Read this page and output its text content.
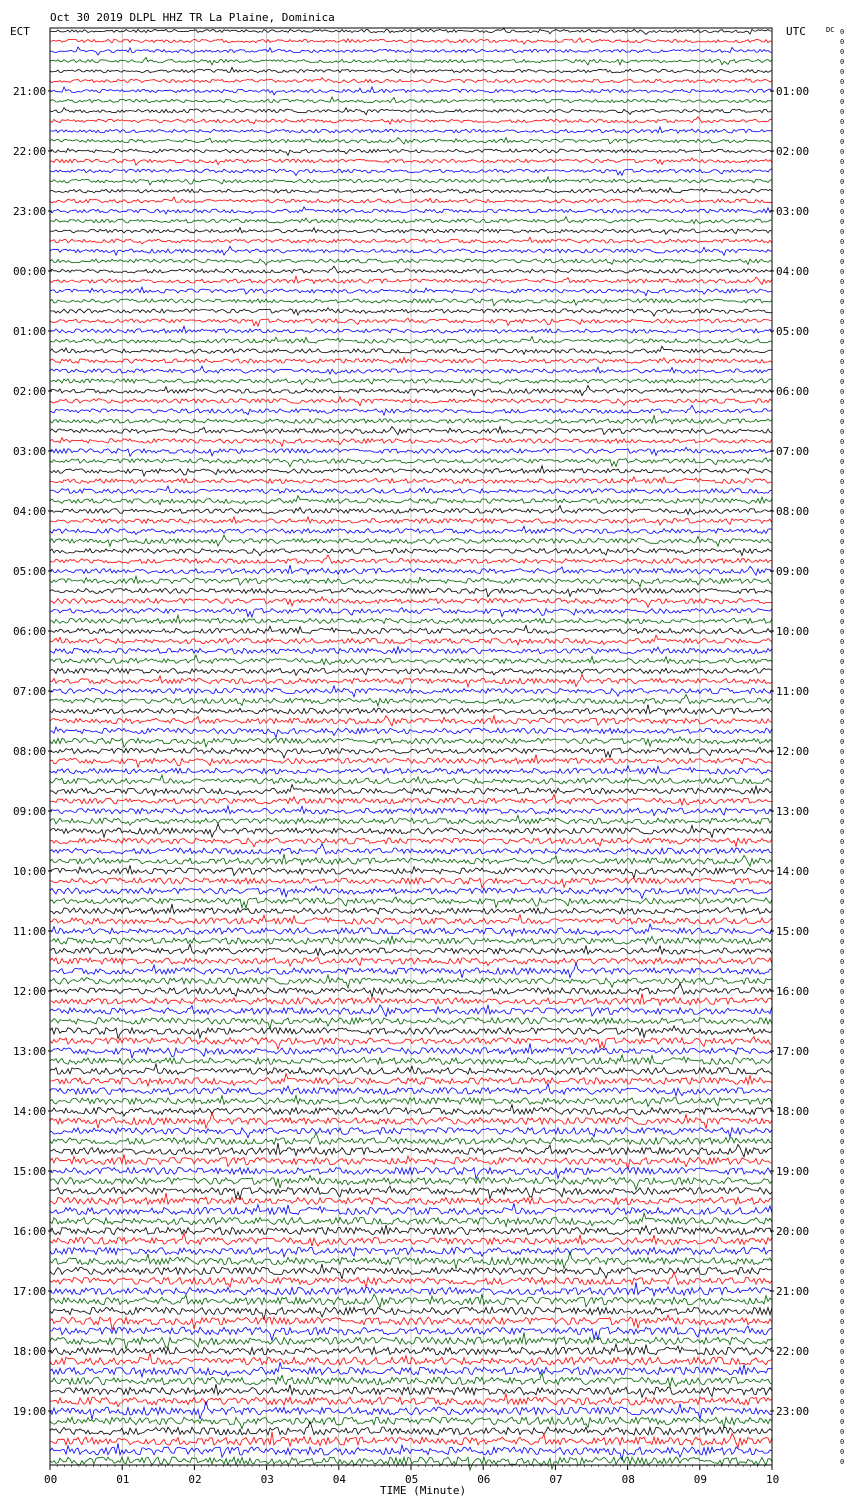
Oct 30 2019 DLPL HHZ TR La Plaine, Dominica
ECT	UTC	DC
21:00
22:00
23:00
00:00
01:00
02:00
03:00
04:00
05:00
06:00
07:00
08:00
09:00
10:00
11:00
12:00
13:00
14:00
15:00
16:00
17:00
18:00
19:00
01:00
02:00
03:00
04:00
05:00
06:00
07:00
08:00
09:00
10:00
11:00
12:00
13:00
14:00
15:00
16:00
17:00
18:00
19:00
20:00
21:00
22:00
23:00
00	01	02	03	04	05	06	07	08	09	10
0
0
0
0
0
0
0
0
0
0
0
0
0
0
0
0
0
0
0
0
0
0
0
0
0
0
0
0
0
0
0
0
0
0
0
0
0
0
0
0
0
0
0
0
0
0
0
0
0
0
0
0
0
0
0
0
0
0
0
0
0
0
0
0
0
0
0
0
0
0
0
0
0
0
0
0
0
0
0
0
0
0
0
0
0
0
0
0
0
0
0
0
0
0
0
0
0
0
0
0
0
0
0
0
0
0
0
0
0
0
0
0
0
0
0
0
0
0
0
0
0
0
0
0
0
0
0
0
0
0
0
0
0
0
0
0
0
0
0
0
0
0
0
0
TIME (Minute)
